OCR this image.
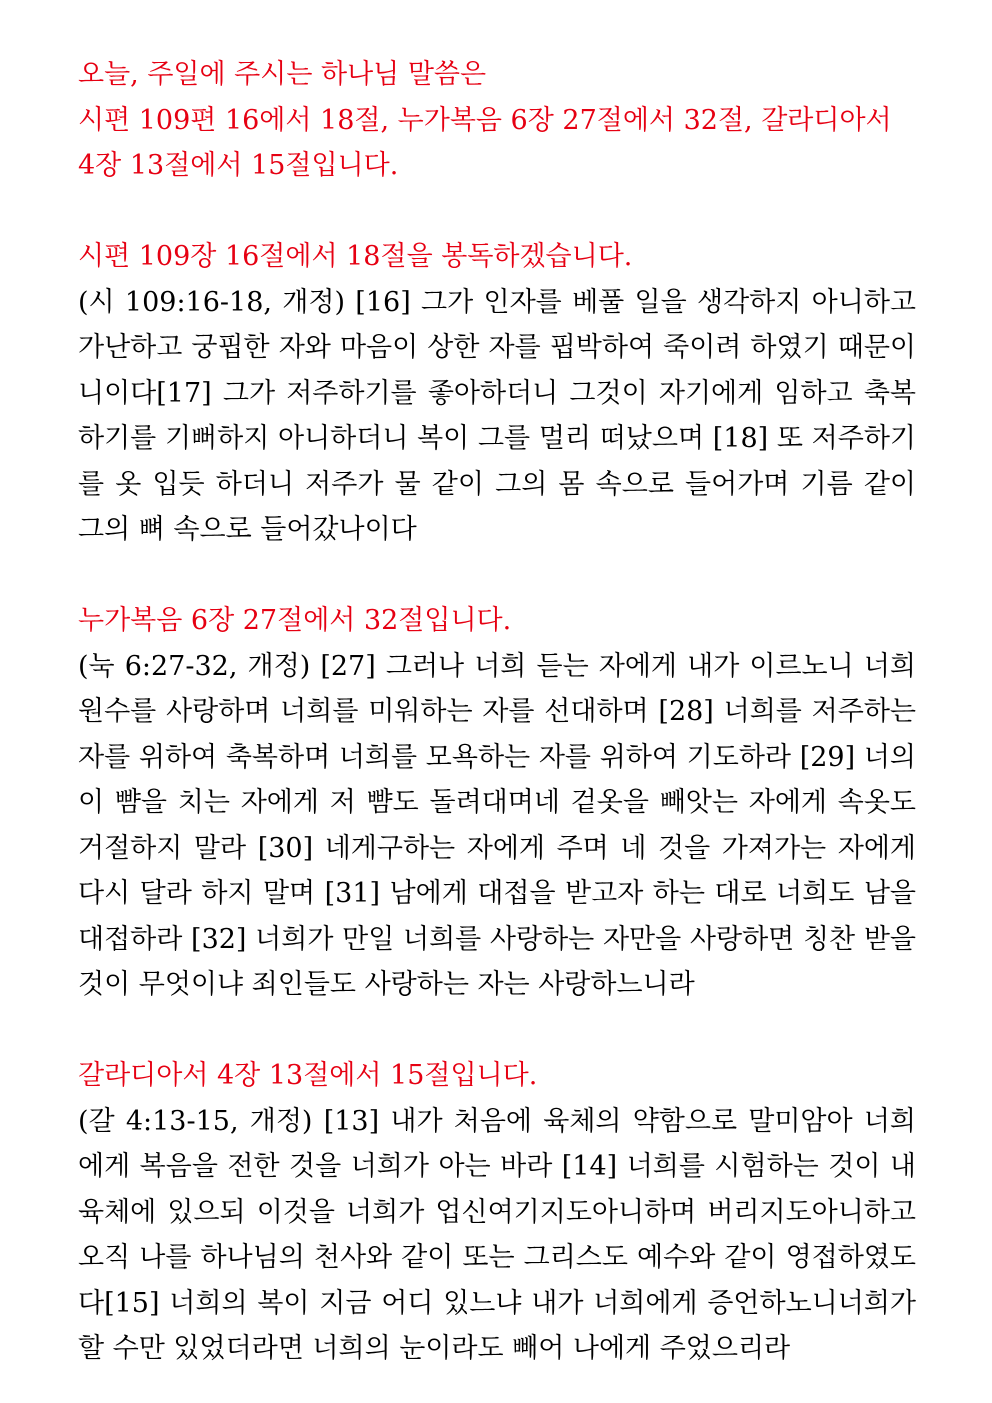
오늘, 주일에 주시는 하나님 말씀은
시편 109편 16에서 18절, 누가복음 6장 27절에서 32절, 갈라디아서 4장 13절에서 15절입니다.
시편 109장 16절에서 18절을 봉독하겠습니다.
(시 109:16-18, 개정) [16] 그가 인자를 베풀 일을 생각하지 아니하고 가난하고 궁핍한 자와 마음이 상한 자를 핍박하여 죽이려 하였기 때문이니이다[17] 그가 저주하기를 좋아하더니 그것이 자기에게 임하고 축복하기를 기뻐하지 아니하더니 복이 그를 멀리 떠났으며 [18] 또 저주하기를 옷 입듯 하더니 저주가 물 같이 그의 몸 속으로 들어가며 기름 같이 그의 뼈 속으로 들어갔나이다
누가복음 6장 27절에서 32절입니다.
(눅 6:27-32, 개정) [27] 그러나 너희 듣는 자에게 내가 이르노니 너희 원수를 사랑하며 너희를 미워하는 자를 선대하며 [28] 너희를 저주하는 자를 위하여 축복하며 너희를 모욕하는 자를 위하여 기도하라 [29] 너의 이 뺨을 치는 자에게 저 뺨도 돌려대며네 겉옷을 빼앗는 자에게 속옷도 거절하지 말라 [30] 네게구하는 자에게 주며 네 것을 가져가는 자에게 다시 달라 하지 말며 [31] 남에게 대접을 받고자 하는 대로 너희도 남을 대접하라 [32] 너희가 만일 너희를 사랑하는 자만을 사랑하면 칭찬 받을 것이 무엇이냐 죄인들도 사랑하는 자는 사랑하느니라
갈라디아서 4장 13절에서 15절입니다.
(갈 4:13-15, 개정) [13] 내가 처음에 육체의 약함으로 말미암아 너희에게 복음을 전한 것을 너희가 아는 바라 [14] 너희를 시험하는 것이 내 육체에 있으되 이것을 너희가 업신여기지도아니하며 버리지도아니하고 오직 나를 하나님의 천사와 같이 또는 그리스도 예수와 같이 영접하였도다[15] 너희의 복이 지금 어디 있느냐 내가 너희에게 증언하노니너희가 할 수만 있었더라면 너희의 눈이라도 빼어 나에게 주었으리라
